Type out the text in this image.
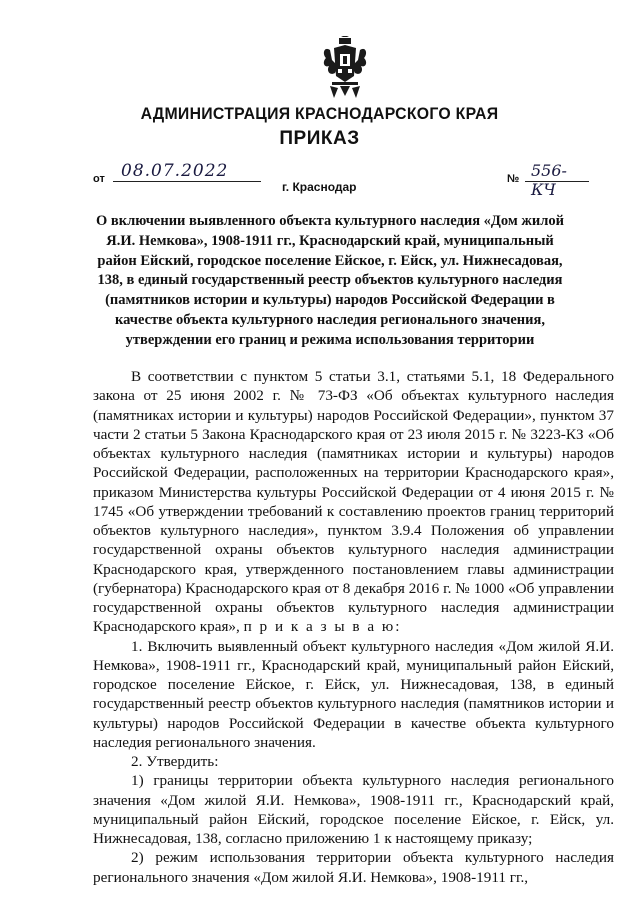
АДМИНИСТРАЦИЯ КРАСНОДАРСКОГО КРАЯ
ПРИКАЗ
от 08.07.2022	№ 556-КЧ
г. Краснодар
О включении выявленного объекта культурного наследия «Дом жилой Я.И. Немкова», 1908-1911 гг., Краснодарский край, муниципальный район Ейский, городское поселение Ейское, г. Ейск, ул. Нижнесадовая, 138, в единый государственный реестр объектов культурного наследия (памятников истории и культуры) народов Российской Федерации в качестве объекта культурного наследия регионального значения, утверждении его границ и режима использования территории

В соответствии с пунктом 5 статьи 3.1, статьями 5.1, 18 Федерального закона от 25 июня 2002 г. № 73-ФЗ «Об объектах культурного наследия (памятниках истории и культуры) народов Российской Федерации», пунктом 37 части 2 статьи 5 Закона Краснодарского края от 23 июля 2015 г. № 3223-КЗ «Об объектах культурного наследия (памятниках истории и культуры) народов Российской Федерации, расположенных на территории Краснодарского края», приказом Министерства культуры Российской Федерации от 4 июня 2015 г. № 1745 «Об утверждении требований к составлению проектов границ территорий объектов культурного наследия», пунктом 3.9.4 Положения об управлении государственной охраны объектов культурного наследия администрации Краснодарского края, утвержденного постановлением главы администрации (губернатора) Краснодарского края от 8 декабря 2016 г. № 1000 «Об управлении государственной охраны объектов культурного наследия администрации Краснодарского края», п р и к а з ы в а ю:

1. Включить выявленный объект культурного наследия «Дом жилой Я.И. Немкова», 1908-1911 гг., Краснодарский край, муниципальный район Ейский, городское поселение Ейское, г. Ейск, ул. Нижнесадовая, 138, в единый государственный реестр объектов культурного наследия (памятников истории и культуры) народов Российской Федерации в качестве объекта культурного наследия регионального значения.

2. Утвердить:

1) границы территории объекта культурного наследия регионального значения «Дом жилой Я.И. Немкова», 1908-1911 гг., Краснодарский край, муниципальный район Ейский, городское поселение Ейское, г. Ейск, ул. Нижнесадовая, 138, согласно приложению 1 к настоящему приказу;

2) режим использования территории объекта культурного наследия регионального значения «Дом жилой Я.И. Немкова», 1908-1911 гг.,
